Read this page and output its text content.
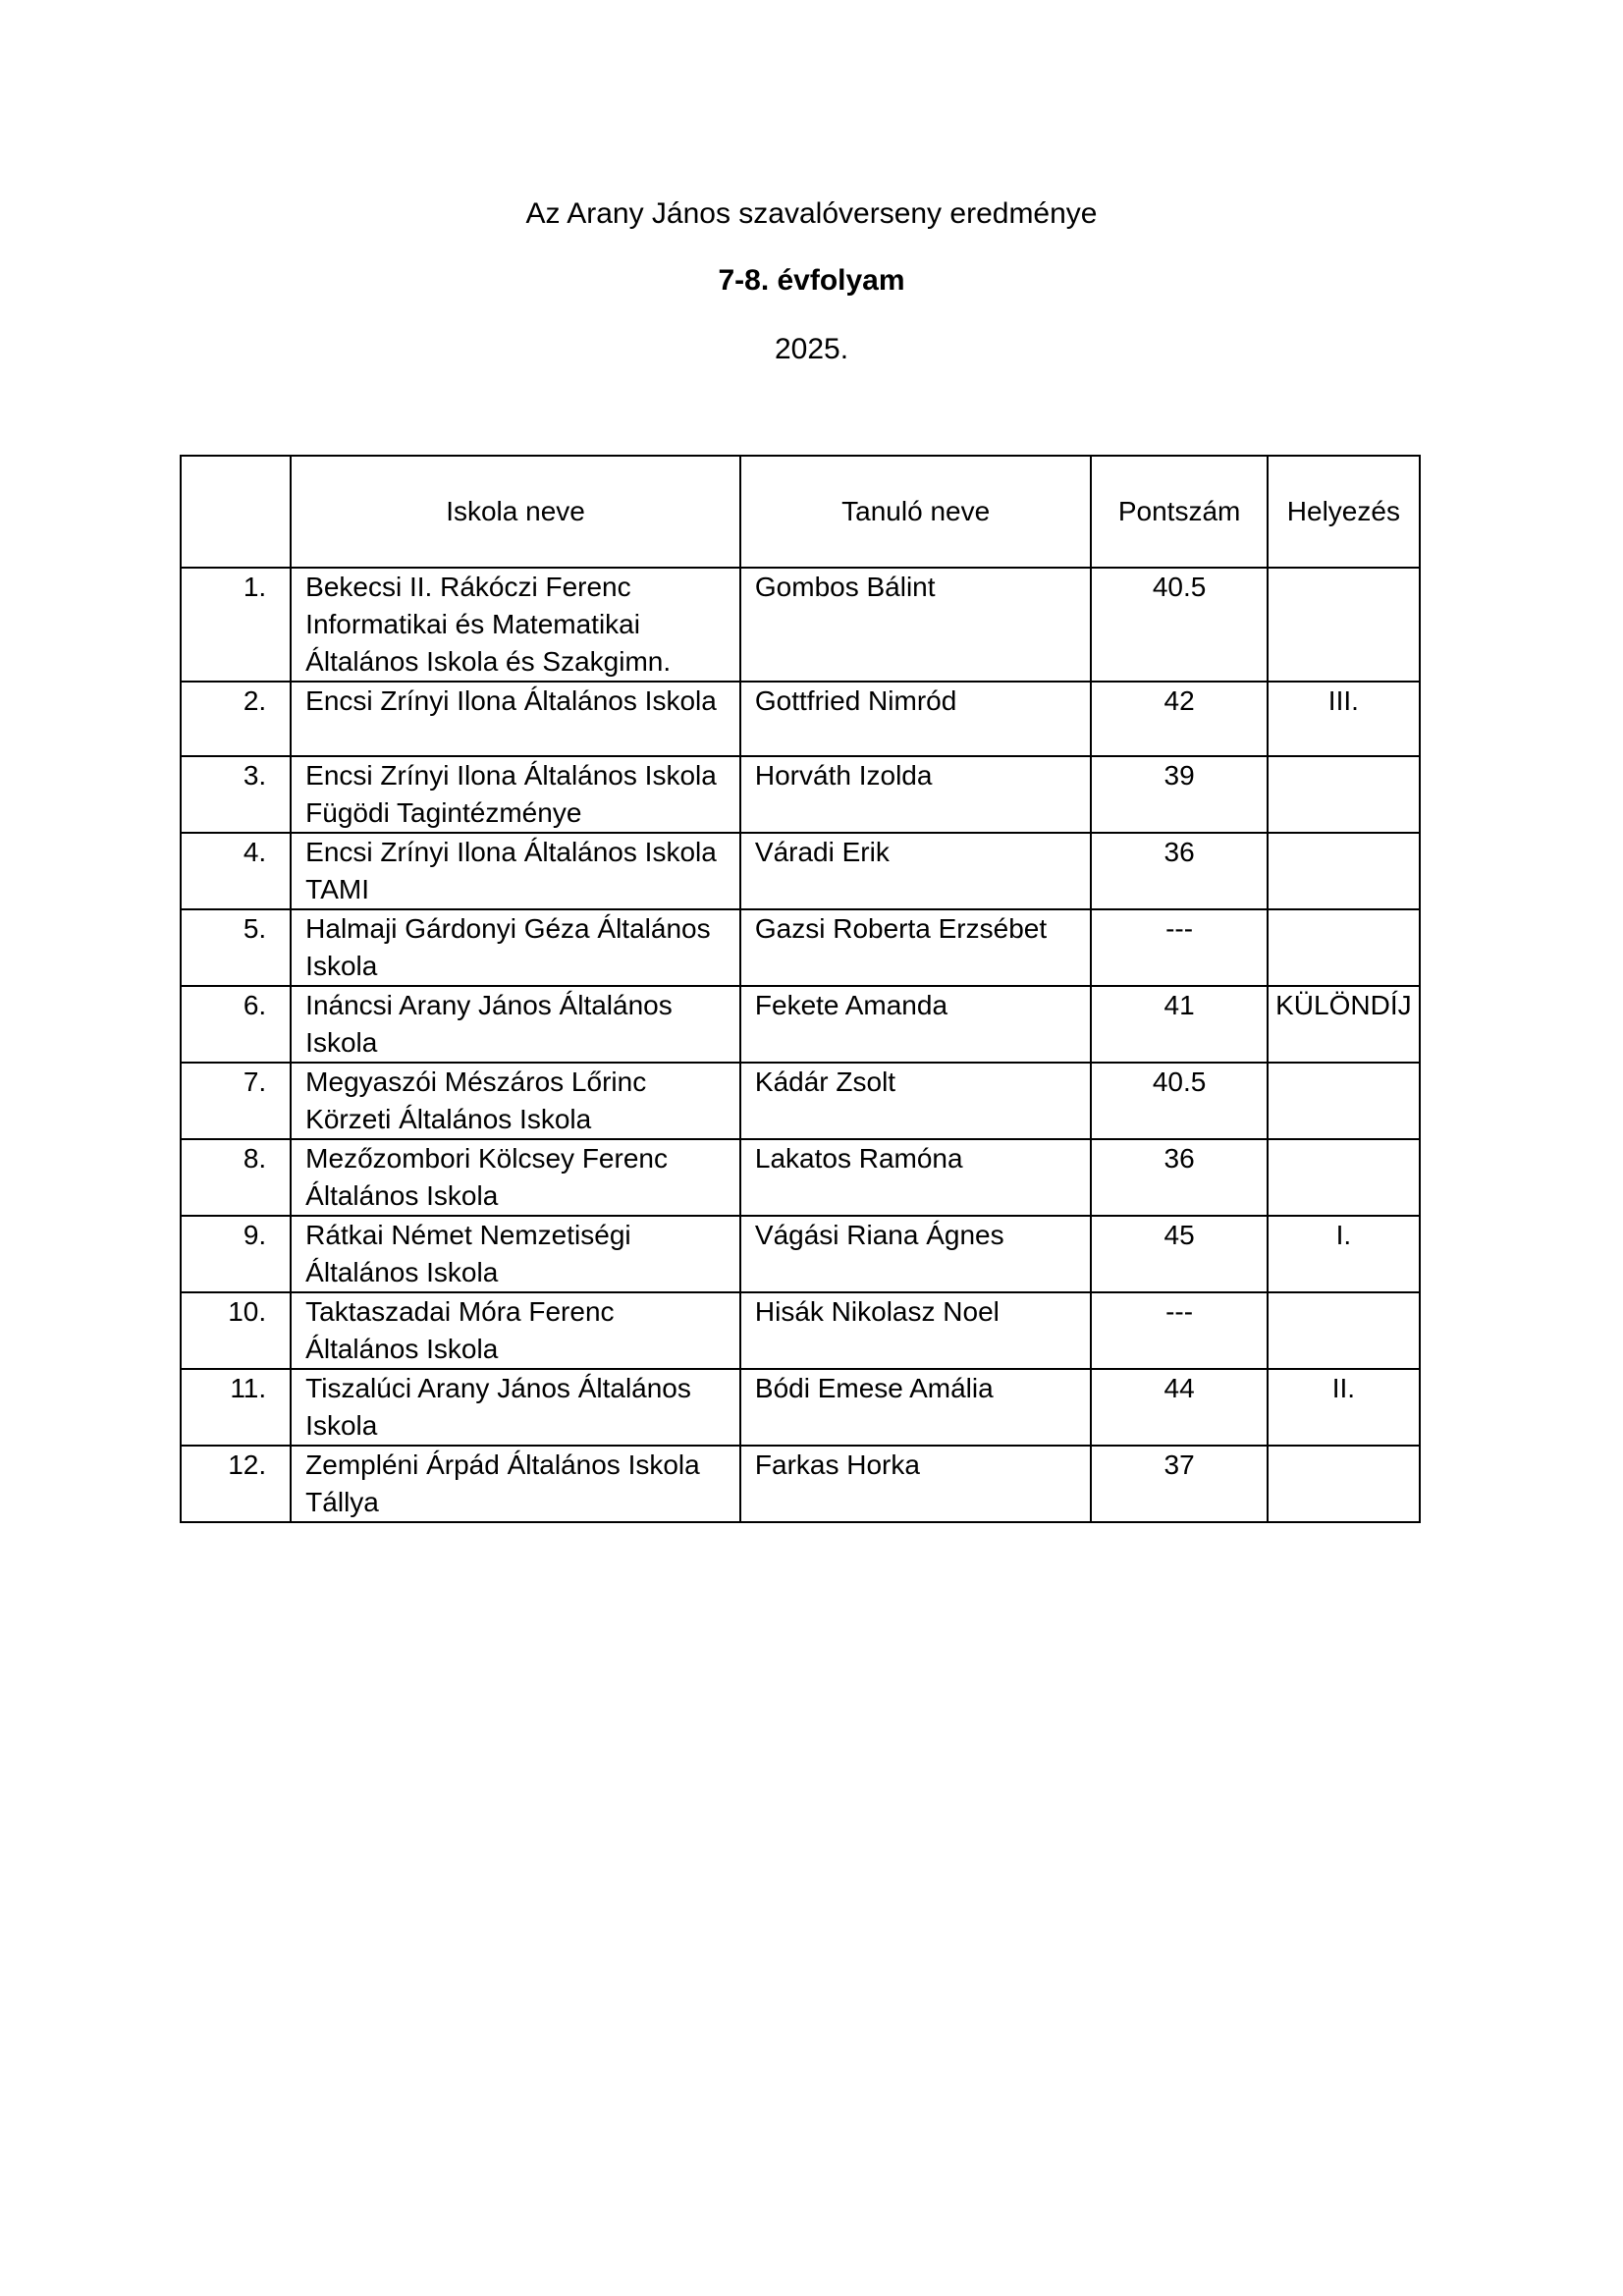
Az Arany János szavalóverseny eredménye
7-8. évfolyam
2025.
	Iskola neve	Tanuló neve	Pontszám	Helyezés
1.	Bekecsi II. Rákóczi Ferenc Informatikai és Matematikai Általános Iskola és Szakgimn.	Gombos Bálint	40.5	
2.	Encsi Zrínyi Ilona Általános Iskola	Gottfried Nimród	42	III.
3.	Encsi Zrínyi Ilona Általános Iskola Fügödi Tagintézménye	Horváth Izolda	39	
4.	Encsi Zrínyi Ilona Általános Iskola TAMI	Váradi Erik	36	
5.	Halmaji Gárdonyi Géza Általános Iskola	Gazsi Roberta Erzsébet	---	
6.	Ináncsi Arany János Általános Iskola	Fekete Amanda	41	KÜLÖNDÍJ
7.	Megyaszói Mészáros Lőrinc Körzeti Általános Iskola	Kádár Zsolt	40.5	
8.	Mezőzombori Kölcsey Ferenc Általános Iskola	Lakatos Ramóna	36	
9.	Rátkai Német Nemzetiségi Általános Iskola	Vágási Riana Ágnes	45	I.
10.	Taktaszadai Móra Ferenc Általános Iskola	Hisák Nikolasz Noel	---	
11.	Tiszalúci Arany János Általános Iskola	Bódi Emese Amália	44	II.
12.	Zempléni Árpád Általános Iskola Tállya	Farkas Horka	37	
